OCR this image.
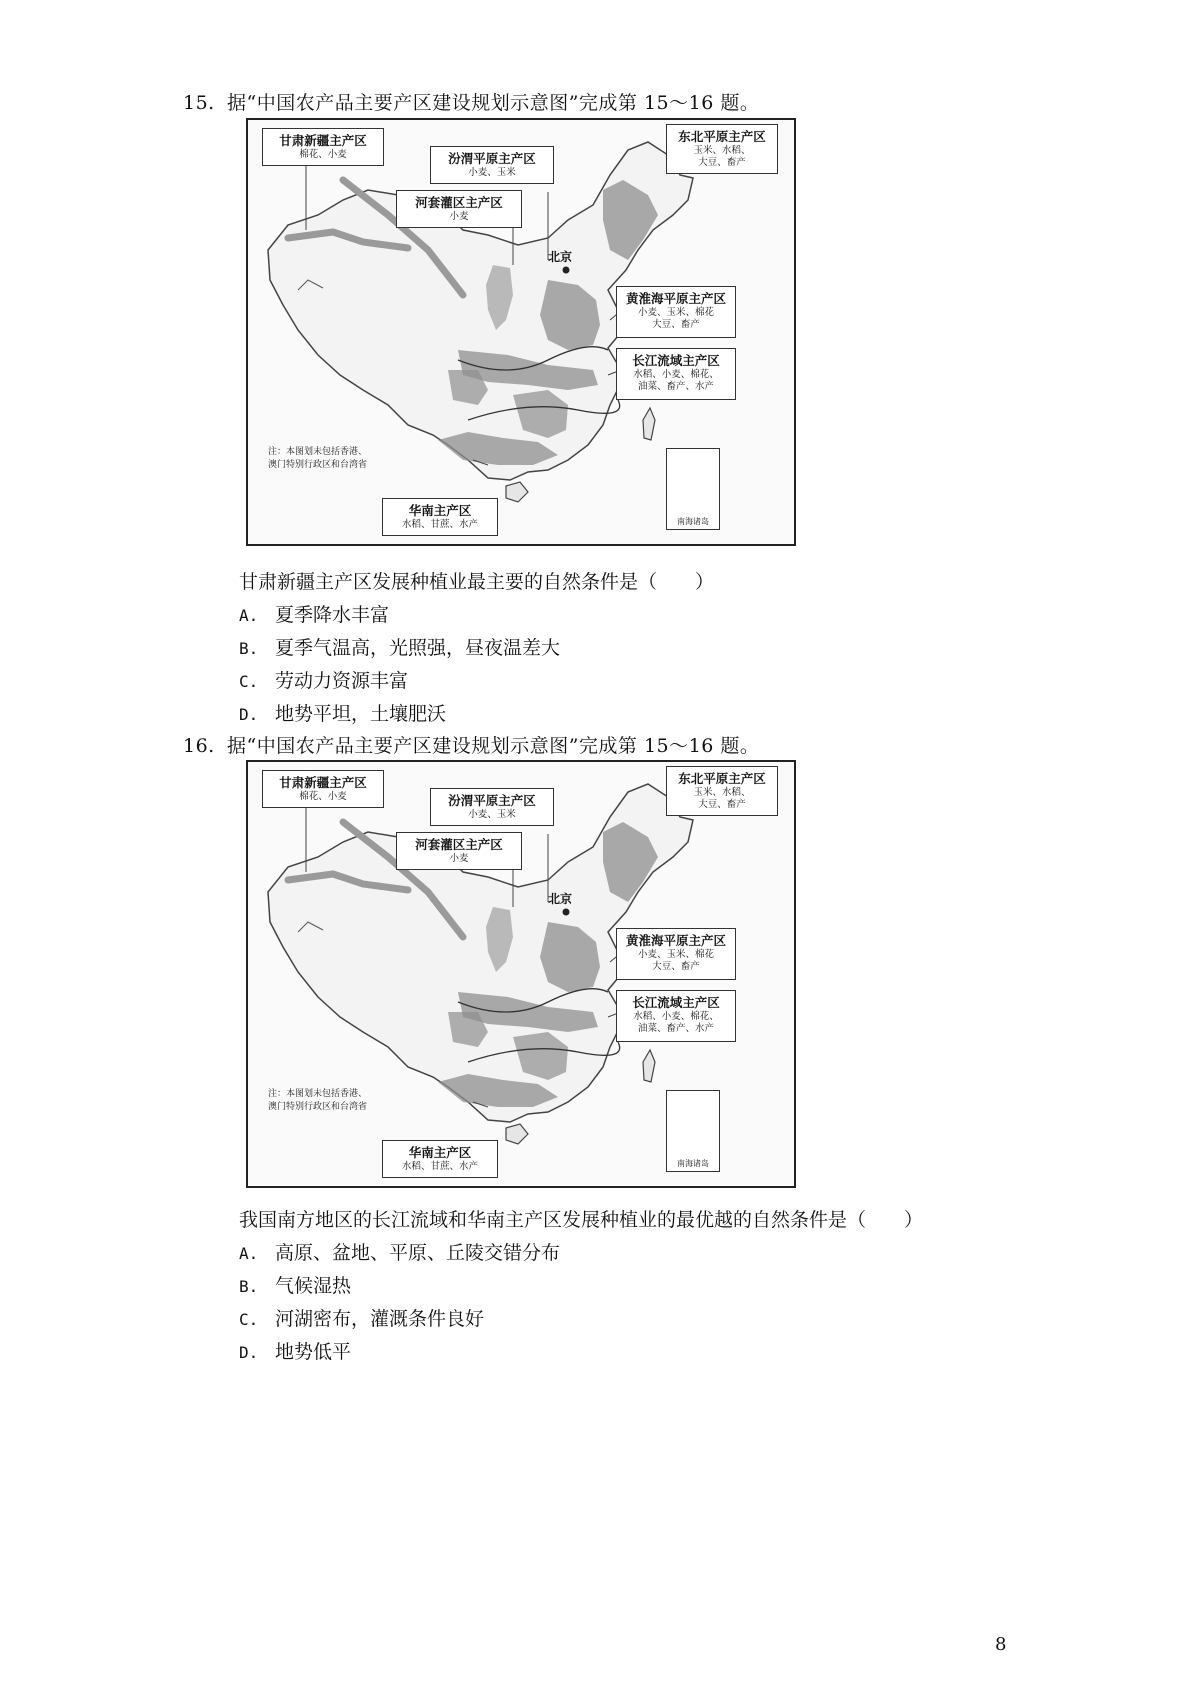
15. 据“中国农产品主要产区建设规划示意图”完成第 15～16 题。
甘肃新疆主产区
棉花、小麦	汾渭平原主产区
小麦、玉米
河套灌区主产区
小麦
东北平原主产区
玉米、水稻、
大豆、畜产
黄淮海平原主产区
小麦、玉米、棉花
大豆、畜产
长江流域主产区
水稻、小麦、棉花、
油菜、畜产、水产
华南主产区
水稻、甘蔗、水产
北京
注：本图划未包括香港、
澳门特别行政区和台湾省
南海诸岛
甘肃新疆主产区发展种植业最主要的自然条件是（　　）
A. 夏季降水丰富
B. 夏季气温高，光照强，昼夜温差大
C. 劳动力资源丰富
D. 地势平坦，土壤肥沃
16. 据“中国农产品主要产区建设规划示意图”完成第 15～16 题。
甘肃新疆主产区
棉花、小麦	汾渭平原主产区
小麦、玉米
河套灌区主产区
小麦
东北平原主产区
玉米、水稻、
大豆、畜产
黄淮海平原主产区
小麦、玉米、棉花
大豆、畜产
长江流域主产区
水稻、小麦、棉花、
油菜、畜产、水产
华南主产区
水稻、甘蔗、水产
北京
注：本图划未包括香港、
澳门特别行政区和台湾省
南海诸岛
我国南方地区的长江流域和华南主产区发展种植业的最优越的自然条件是（　　）
A. 高原、盆地、平原、丘陵交错分布
B. 气候湿热
C. 河湖密布，灌溉条件良好
D. 地势低平
8
